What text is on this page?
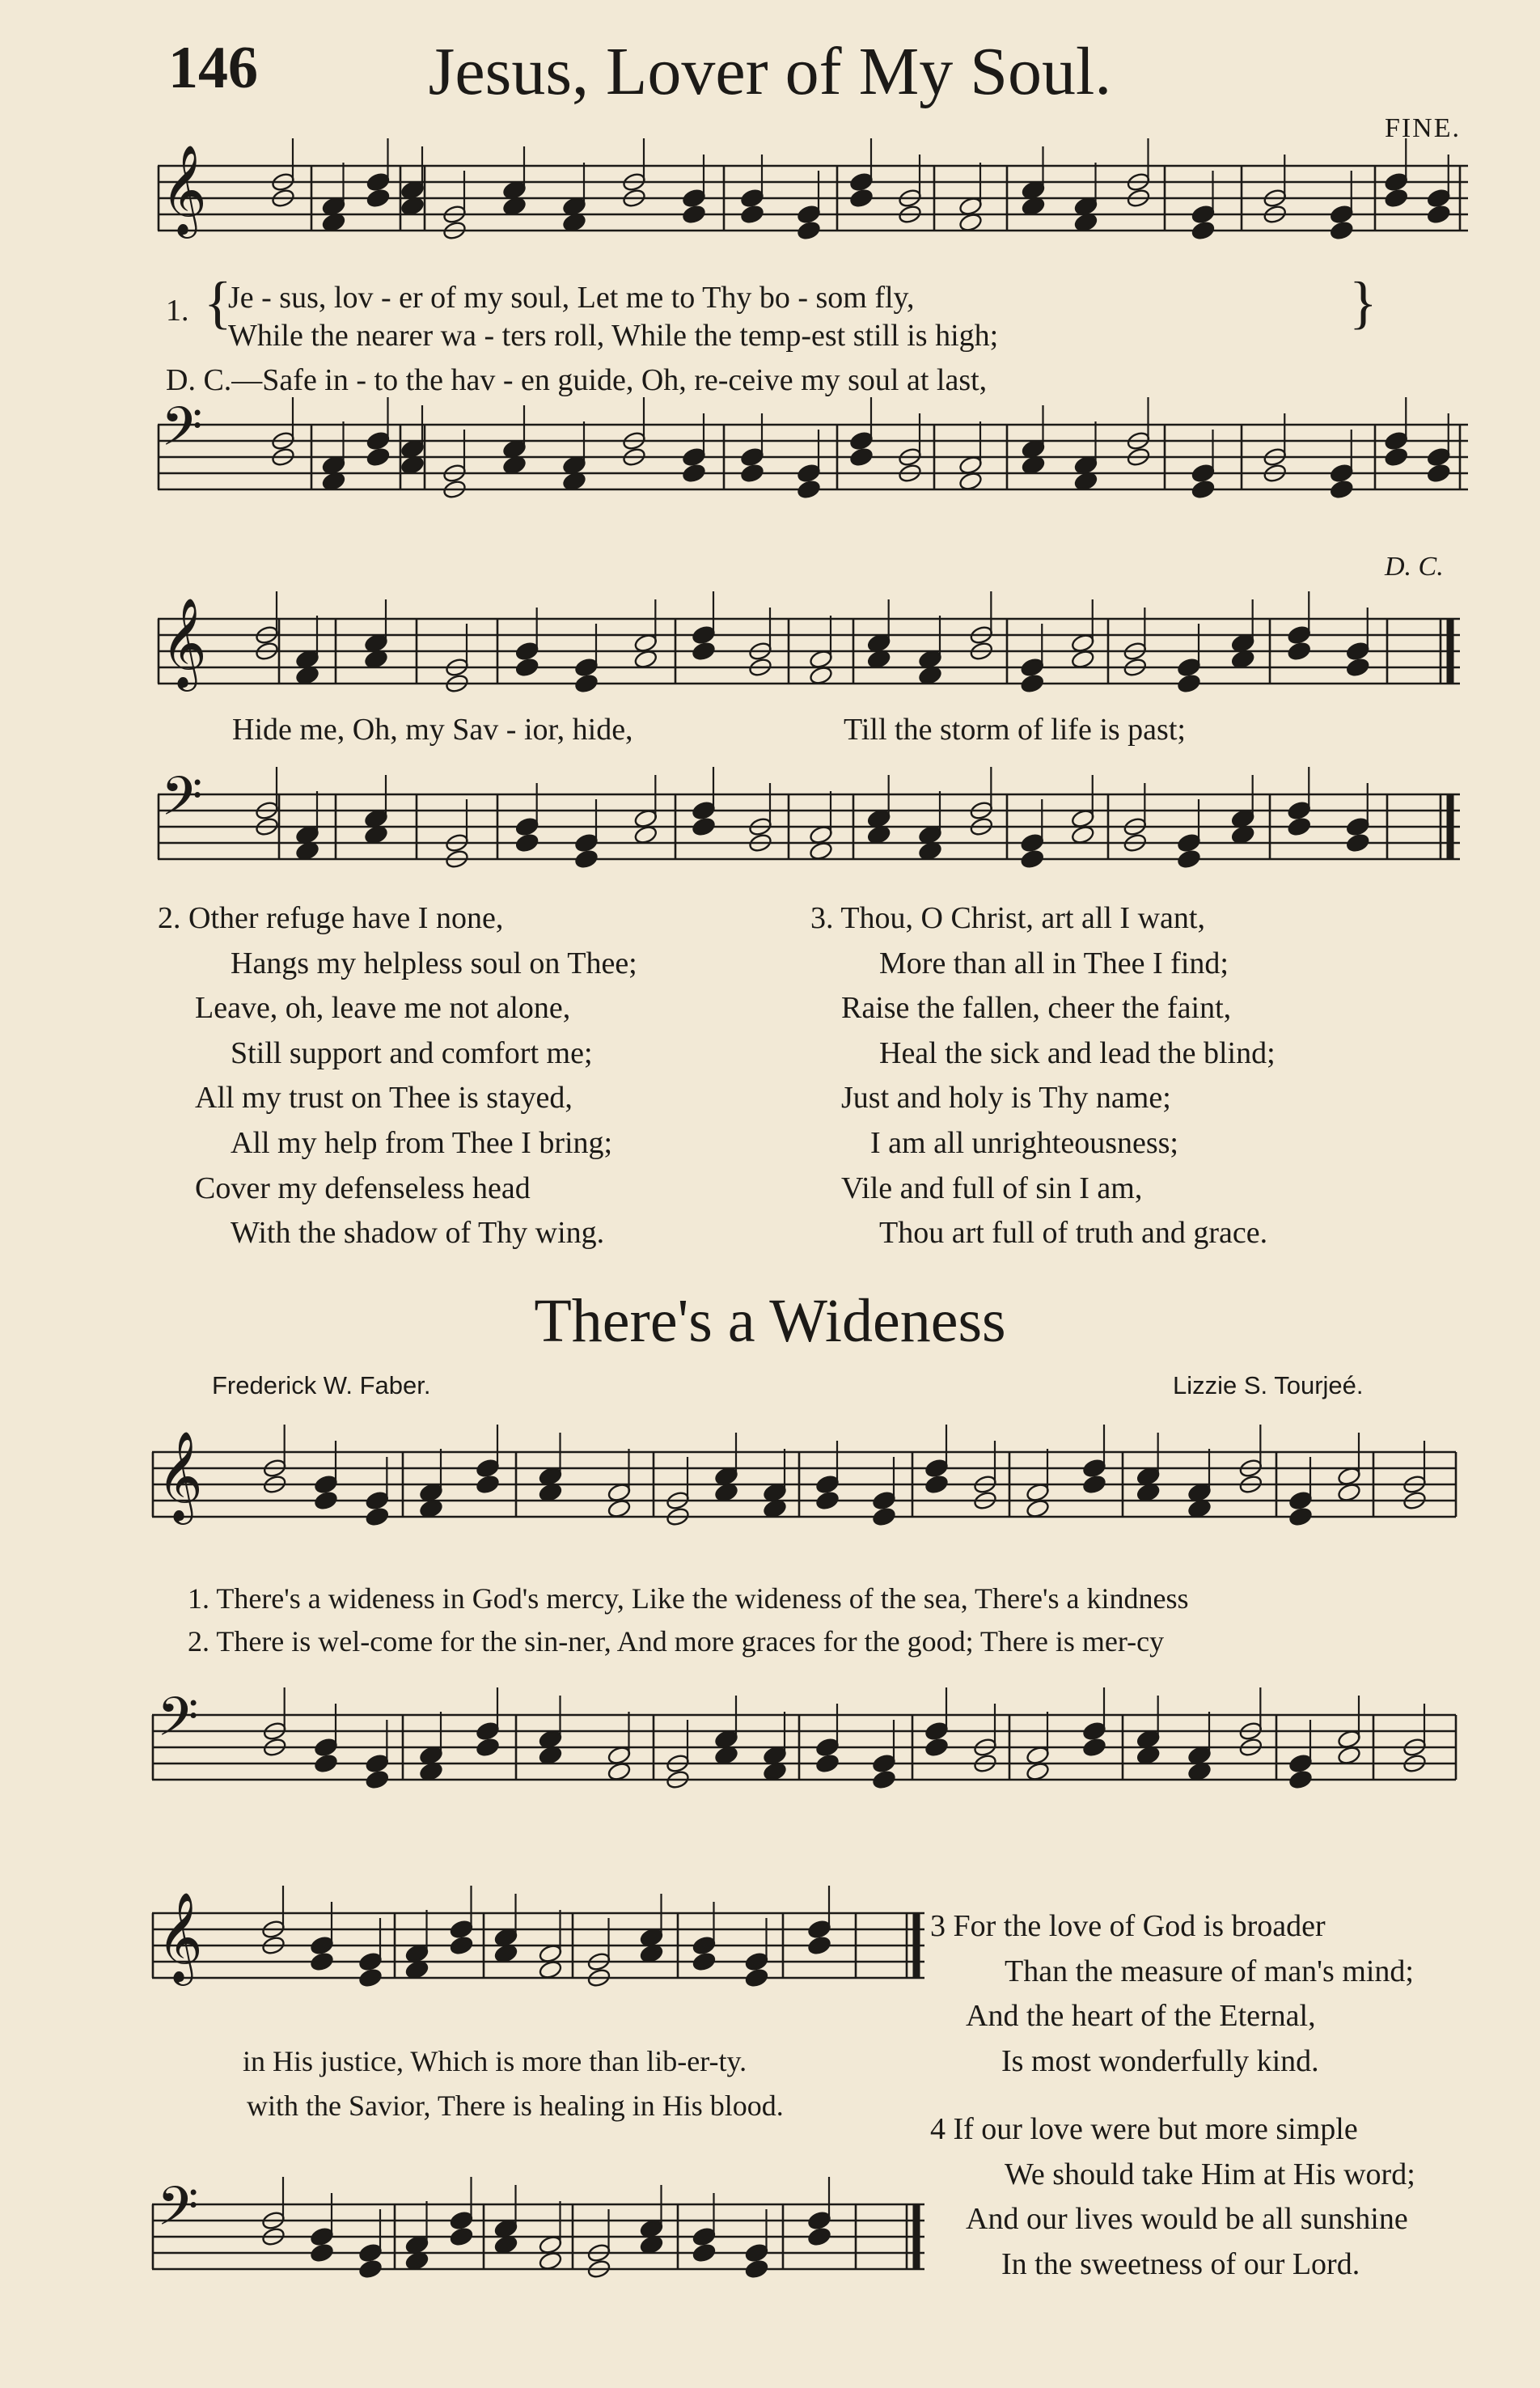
146	Jesus, Lover of My Soul.
FINE.
𝄞
𝄢
1. {
Je - sus, lov - er of my soul, Let me to Thy bo - som fly,
While the nearer wa - ters roll, While the temp-est still is high;
}
D. C.—Safe in - to the hav - en guide, Oh, re-ceive my soul at last,
D. C.
𝄞
Hide me, Oh, my Sav - ior, hide,	Till the storm of life is past;
𝄢
2. Other refuge have I none,
Hangs my helpless soul on Thee;
Leave, oh, leave me not alone,
Still support and comfort me;
All my trust on Thee is stayed,
All my help from Thee I bring;
Cover my defenseless head
With the shadow of Thy wing.
3. Thou, O Christ, art all I want,
More than all in Thee I find;
Raise the fallen, cheer the faint,
Heal the sick and lead the blind;
Just and holy is Thy name;
I am all unrighteousness;
Vile and full of sin I am,
Thou art full of truth and grace.
There's a Wideness
Frederick W. Faber.	Lizzie S. Tourjeé.
𝄞
1. There's a wideness in God's mercy, Like the wideness of the sea, There's a kindness
2. There is wel-come for the sin-ner, And more graces for the good; There is mer-cy
𝄢
𝄞
in His justice, Which is more than lib-er-ty.
with the Savior, There is healing in His blood.
𝄢
3 For the love of God is broader
Than the measure of man's mind;
And the heart of the Eternal,
Is most wonderfully kind.
4 If our love were but more simple
We should take Him at His word;
And our lives would be all sunshine
In the sweetness of our Lord.
